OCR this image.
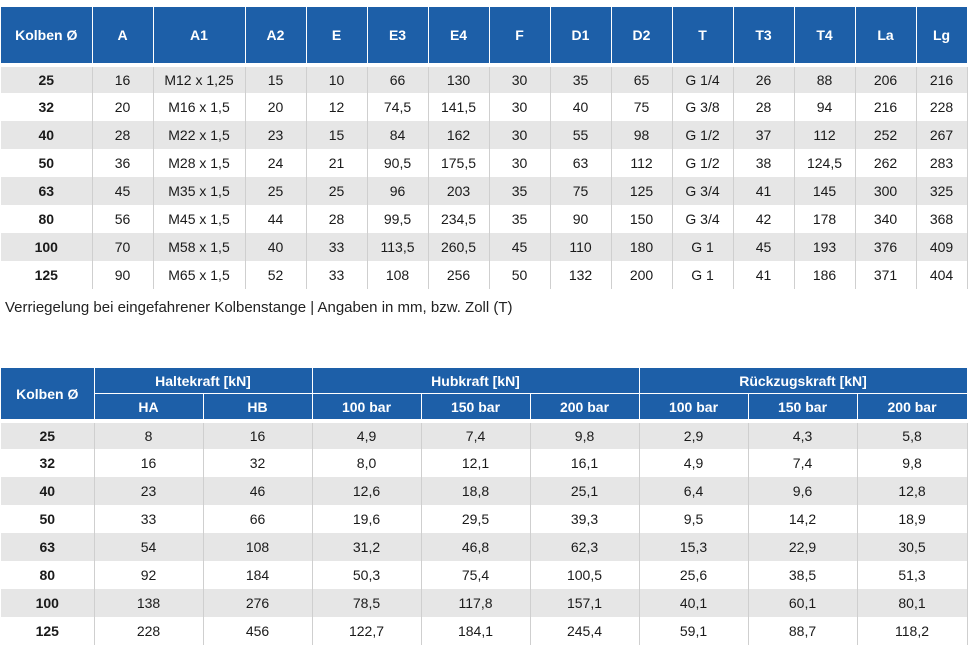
Kolben Ø	A	A1	A2	E	E3	E4	F	D1	D2	T	T3	T4	La	Lg
25	16	M12 x 1,25	15	10	66	130	30	35	65	G 1/4	26	88	206	216
32	20	M16 x 1,5	20	12	74,5	141,5	30	40	75	G 3/8	28	94	216	228
40	28	M22 x 1,5	23	15	84	162	30	55	98	G 1/2	37	112	252	267
50	36	M28 x 1,5	24	21	90,5	175,5	30	63	112	G 1/2	38	124,5	262	283
63	45	M35 x 1,5	25	25	96	203	35	75	125	G 3/4	41	145	300	325
80	56	M45 x 1,5	44	28	99,5	234,5	35	90	150	G 3/4	42	178	340	368
100	70	M58 x 1,5	40	33	113,5	260,5	45	110	180	G 1	45	193	376	409
125	90	M65 x 1,5	52	33	108	256	50	132	200	G 1	41	186	371	404
Verriegelung bei eingefahrener Kolbenstange | Angaben in mm, bzw. Zoll (T)
Kolben Ø	Haltekraft [kN]		Hubkraft [kN]			Rückzugskraft [kN]		
	HA	HB	100 bar	150 bar	200 bar	100 bar	150 bar	200 bar
25	8	16	4,9	7,4	9,8	2,9	4,3	5,8
32	16	32	8,0	12,1	16,1	4,9	7,4	9,8
40	23	46	12,6	18,8	25,1	6,4	9,6	12,8
50	33	66	19,6	29,5	39,3	9,5	14,2	18,9
63	54	108	31,2	46,8	62,3	15,3	22,9	30,5
80	92	184	50,3	75,4	100,5	25,6	38,5	51,3
100	138	276	78,5	117,8	157,1	40,1	60,1	80,1
125	228	456	122,7	184,1	245,4	59,1	88,7	118,2
